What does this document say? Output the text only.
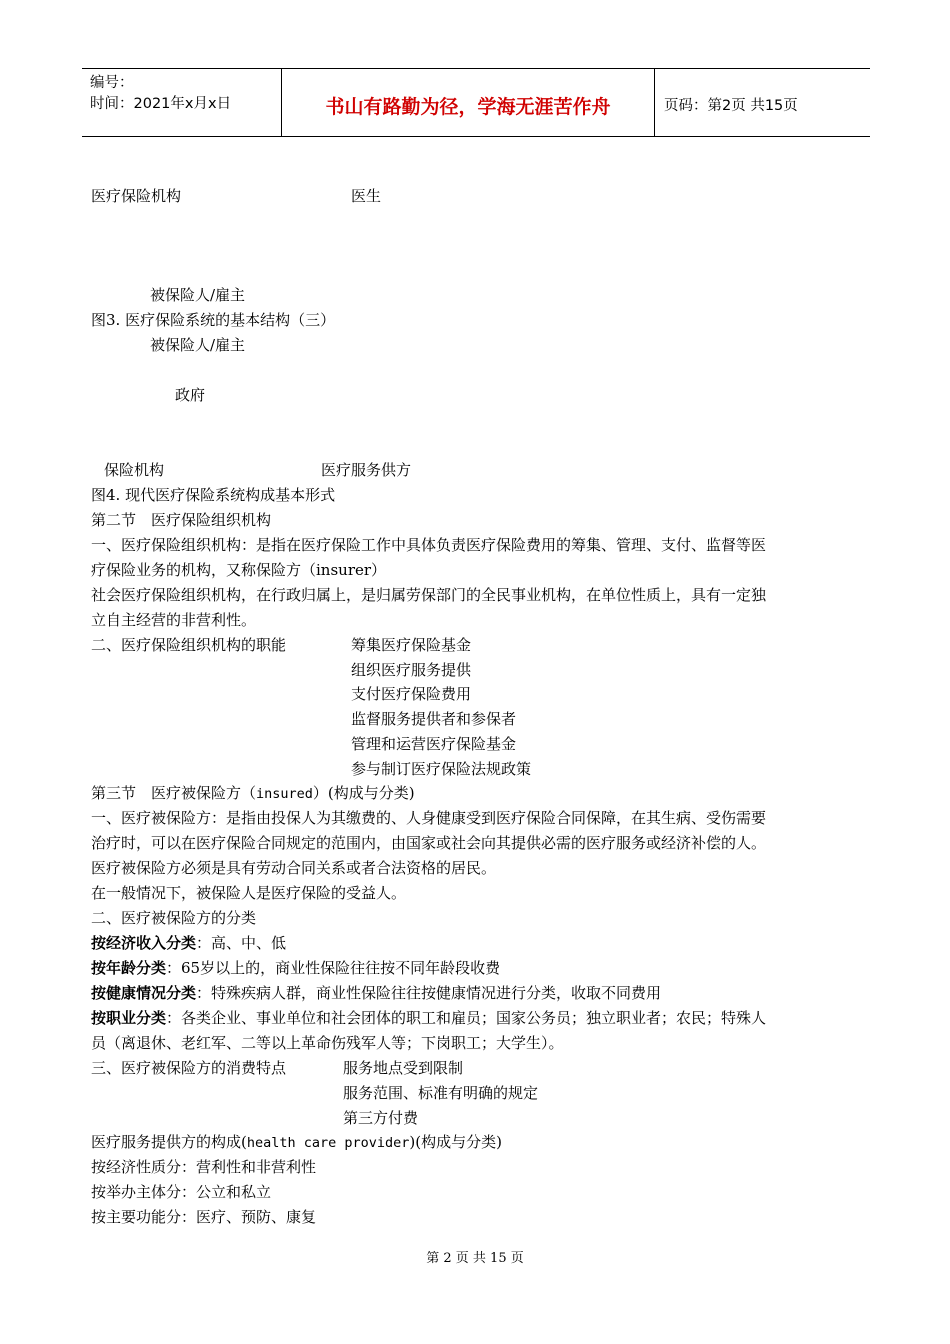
编号：
时间：2021年x月x日	书山有路勤为径，学海无涯苦作舟	页码：第2页 共15页
医疗保险机构	医生
被保险人/雇主
图3. 医疗保险系统的基本结构（三）
被保险人/雇主
政府
保险机构	医疗服务供方
图4. 现代医疗保险系统构成基本形式
第二节　医疗保险组织机构
一、医疗保险组织机构：是指在医疗保险工作中具体负责医疗保险费用的筹集、管理、支付、监督等医
疗保险业务的机构，又称保险方（insurer）
社会医疗保险组织机构，在行政归属上，是归属劳保部门的全民事业机构，在单位性质上，具有一定独
立自主经营的非营利性。
二、医疗保险组织机构的职能	筹集医疗保险基金
组织医疗服务提供
支付医疗保险费用
监督服务提供者和参保者
管理和运营医疗保险基金
参与制订医疗保险法规政策
第三节　医疗被保险方（insured）(构成与分类)
一、医疗被保险方：是指由投保人为其缴费的、人身健康受到医疗保险合同保障，在其生病、受伤需要
治疗时，可以在医疗保险合同规定的范围内，由国家或社会向其提供必需的医疗服务或经济补偿的人。
医疗被保险方必须是具有劳动合同关系或者合法资格的居民。
在一般情况下，被保险人是医疗保险的受益人。
二、医疗被保险方的分类
按经济收入分类：高、中、低
按年龄分类：65岁以上的，商业性保险往往按不同年龄段收费
按健康情况分类：特殊疾病人群，商业性保险往往按健康情况进行分类，收取不同费用
按职业分类：各类企业、事业单位和社会团体的职工和雇员；国家公务员；独立职业者；农民；特殊人
员（离退休、老红军、二等以上革命伤残军人等；下岗职工；大学生）。
三、医疗被保险方的消费特点	服务地点受到限制
服务范围、标准有明确的规定
第三方付费
医疗服务提供方的构成(health care provider)(构成与分类)
按经济性质分：营利性和非营利性
按举办主体分：公立和私立
按主要功能分：医疗、预防、康复
第 2 页 共 15 页
